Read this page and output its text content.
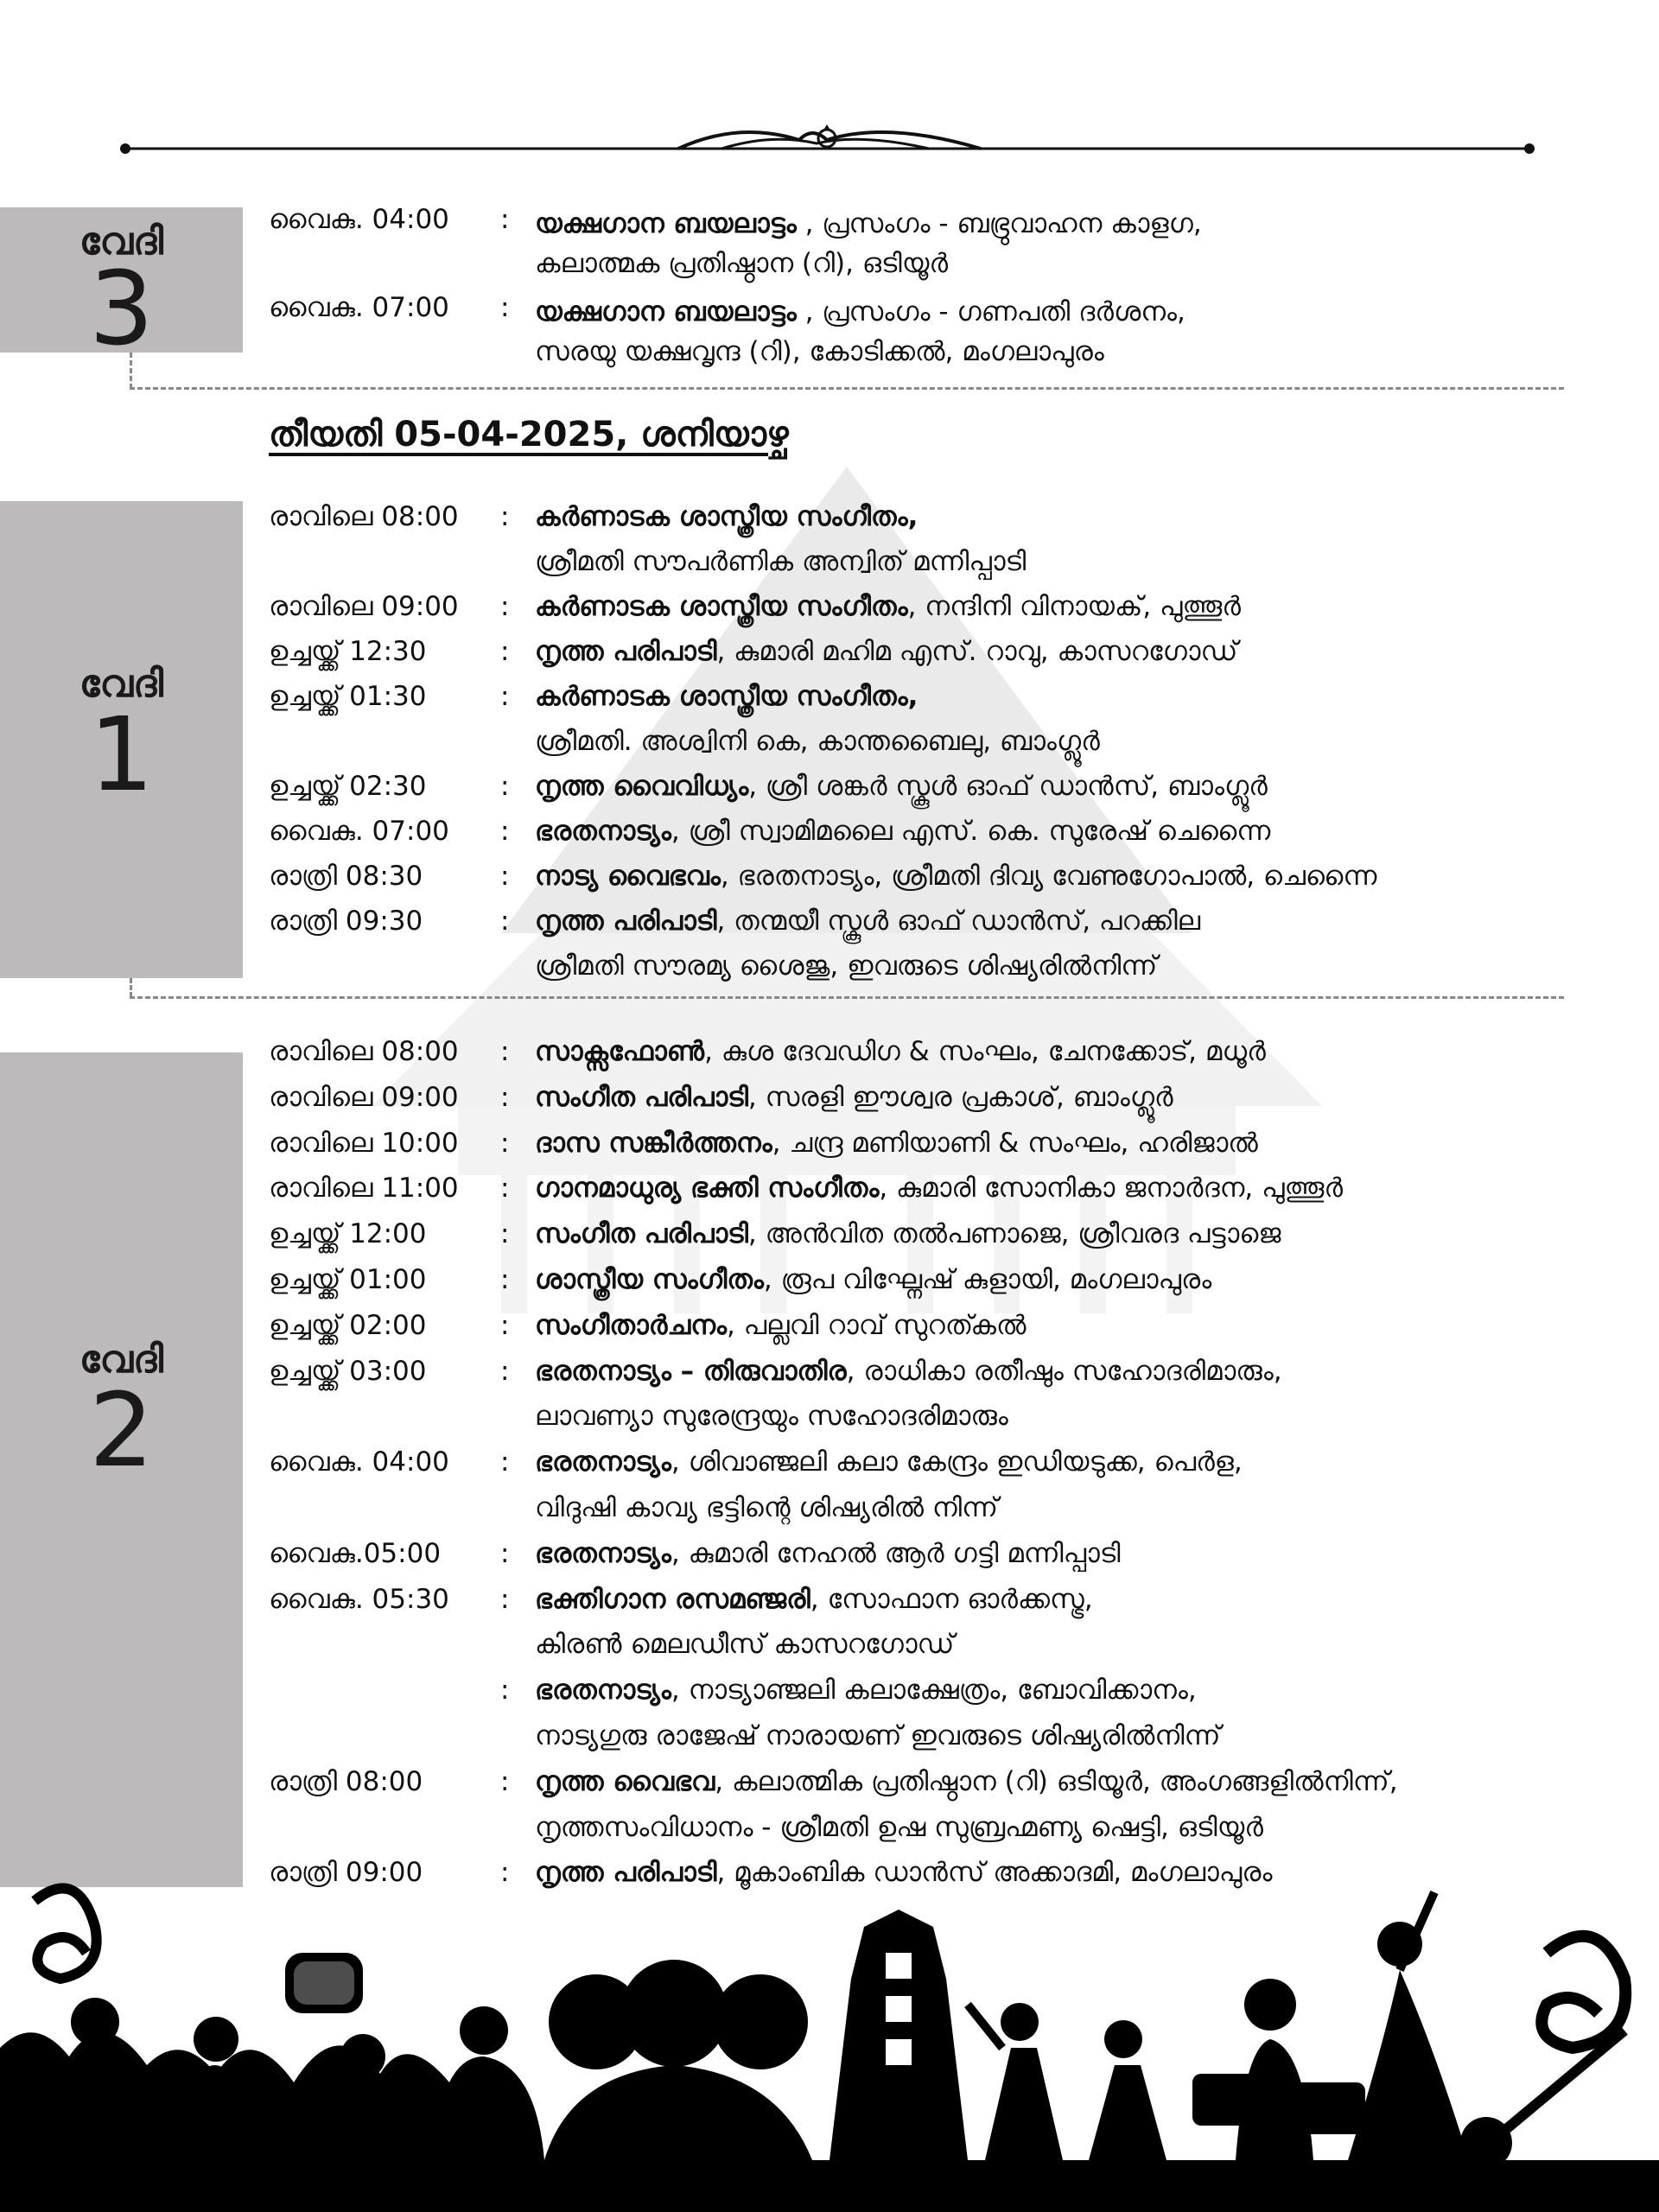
വേദി
3
വൈകു. 04:00	: യക്ഷഗാന ബയലാട്ടം , പ്രസംഗം - ബഭ്രുവാഹന കാളഗ,
കലാത്മക പ്രതിഷ്ഠാന (റി), ഒടിയൂർ
വൈകു. 07:00	: യക്ഷഗാന ബയലാട്ടം , പ്രസംഗം - ഗണപതി ദർശനം,
സരയു യക്ഷവൃന്ദ (റി), കോടിക്കൽ, മംഗലാപുരം
തീയതി 05-04-2025, ശനിയാഴ്ച
വേദി
1
രാവിലെ 08:00	: കർണാടക ശാസ്ത്രീയ സംഗീതം,
ശ്രീമതി സൗപർണിക അന്വിത് മന്നിപ്പാടി
രാവിലെ 09:00	: കർണാടക ശാസ്ത്രീയ സംഗീതം, നന്ദിനി വിനായക്, പുത്തൂർ
ഉച്ചയ്ക്ക് 12:30	: നൃത്ത പരിപാടി, കുമാരി മഹിമ എസ്. റാവു, കാസറഗോഡ്
ഉച്ചയ്ക്ക് 01:30	: കർണാടക ശാസ്ത്രീയ സംഗീതം,
ശ്രീമതി. അശ്വിനി കെ, കാന്തബൈലു, ബാംഗ്ലൂർ
ഉച്ചയ്ക്ക് 02:30	: നൃത്ത വൈവിധ്യം, ശ്രീ ശങ്കർ സ്കൂൾ ഓഫ് ഡാൻസ്, ബാംഗ്ലൂർ
വൈകു. 07:00	: ഭരതനാട്യം, ശ്രീ സ്വാമിമലൈ എസ്. കെ. സുരേഷ് ചെന്നൈ
രാത്രി 08:30	: നാട്യ വൈഭവം, ഭരതനാട്യം, ശ്രീമതി ദിവ്യ വേണുഗോപാൽ, ചെന്നൈ
രാത്രി 09:30	: നൃത്ത പരിപാടി, തന്മയീ സ്കൂൾ ഓഫ് ഡാൻസ്, പറക്കില
ശ്രീമതി സൗരമ്യ ശൈജു, ഇവരുടെ ശിഷ്യരിൽനിന്ന്
വേദി
2
രാവിലെ 08:00	: സാക്സഫോൺ, കുശ ദേവഡിഗ & സംഘം, ചേനക്കോട്, മധൂർ
രാവിലെ 09:00	: സംഗീത പരിപാടി, സരളി ഈശ്വര പ്രകാശ്, ബാംഗ്ലൂർ
രാവിലെ 10:00	: ദാസ സങ്കീർത്തനം, ചന്ദ്ര മണിയാണി & സംഘം, ഹരിജാൽ
രാവിലെ 11:00	: ഗാനമാധുര്യ ഭക്തി സംഗീതം, കുമാരി സോനികാ ജനാർദന, പുത്തൂർ
ഉച്ചയ്ക്ക് 12:00	: സംഗീത പരിപാടി, അൻവിത തൽപണാജെ, ശ്രീവരദ പട്ടാജെ
ഉച്ചയ്ക്ക് 01:00	: ശാസ്ത്രീയ സംഗീതം, രൂപ വിഘ്നേഷ് കുളായി, മംഗലാപുരം
ഉച്ചയ്ക്ക് 02:00	: സംഗീതാർചനം, പല്ലവി റാവ് സുറത്കൽ
ഉച്ചയ്ക്ക് 03:00	: ഭരതനാട്യം – തിരുവാതിര, രാധികാ രതീഷും സഹോദരിമാരും,
ലാവണ്യാ സുരേന്ദ്രയും സഹോദരിമാരും
വൈകു. 04:00	: ഭരതനാട്യം, ശിവാഞ്ജലി കലാ കേന്ദ്രം ഇഡിയടുക്ക, പെർള,
വിദുഷി കാവ്യ ഭട്ടിന്റെ ശിഷ്യരിൽ നിന്ന്
വൈകു.05:00	: ഭരതനാട്യം, കുമാരി നേഹൽ ആർ ഗട്ടി മന്നിപ്പാടി
വൈകു. 05:30	: ഭക്തിഗാന രസമഞ്ജരി, സോഫാന ഓർക്കസ്ട്ര,
കിരൺ മെലഡീസ് കാസറഗോഡ്
: ഭരതനാട്യം, നാട്യാഞ്ജലി കലാക്ഷേത്രം, ബോവിക്കാനം,
നാട്യഗുരു രാജേഷ് നാരായണ് ഇവരുടെ ശിഷ്യരിൽനിന്ന്
രാത്രി 08:00	: നൃത്ത വൈഭവ, കലാത്മിക പ്രതിഷ്ഠാന (റി) ഒടിയൂർ, അംഗങ്ങളിൽനിന്ന്,
നൃത്തസംവിധാനം - ശ്രീമതി ഉഷ സുബ്രഹ്മണ്യ ഷെട്ടി, ഒടിയൂർ
രാത്രി 09:00	: നൃത്ത പരിപാടി, മൂകാംബിക ഡാൻസ് അക്കാദമി, മംഗലാപുരം
